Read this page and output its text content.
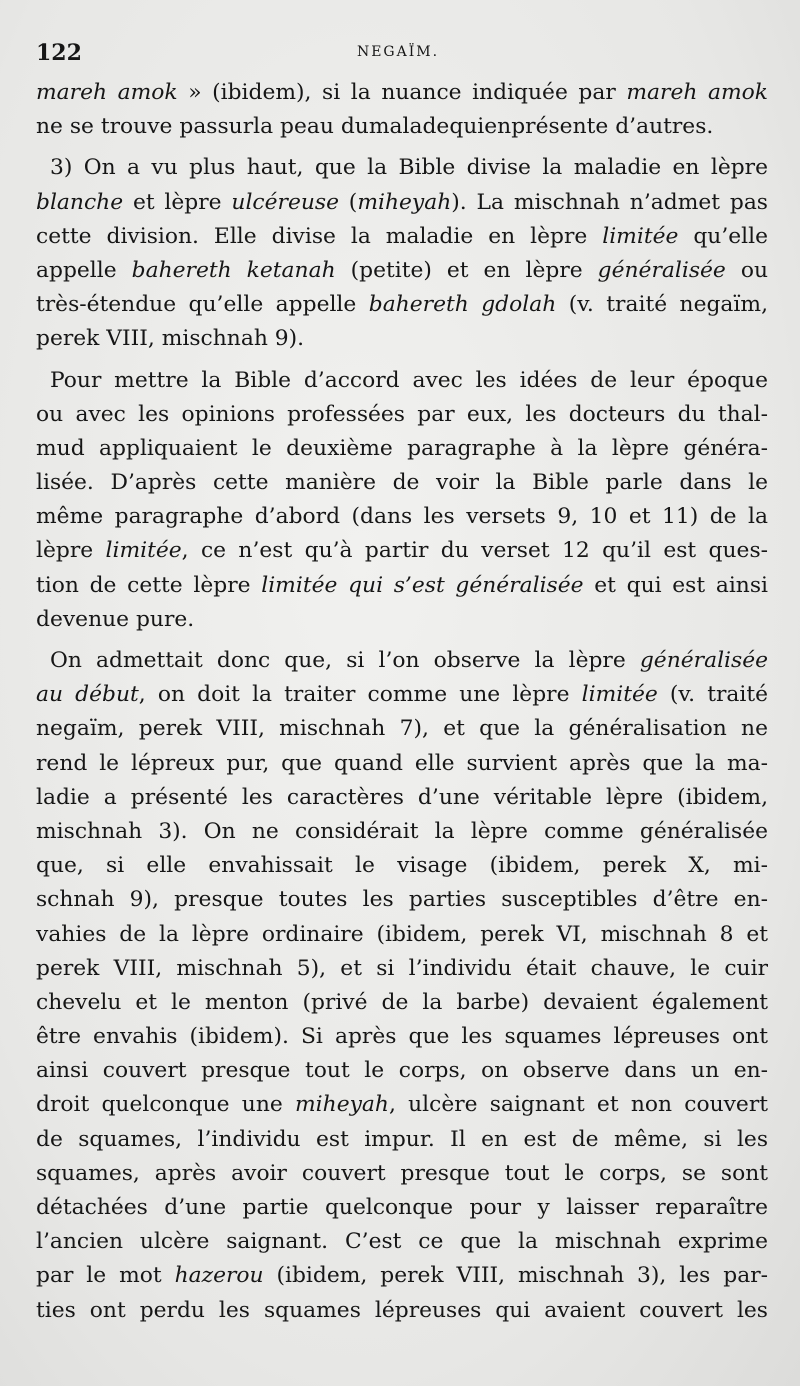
122	NEGAÏM.
mareh amok » (ibidem), si la nuance indiquée par mareh amok
ne se trouve passurla peau dumaladequienprésente d’autres.
3) On a vu plus haut, que la Bible divise la maladie en lèpre
blanche et lèpre ulcéreuse (miheyah). La mischnah n’admet pas
cette division. Elle divise la maladie en lèpre limitée qu’elle
appelle bahereth ketanah (petite) et en lèpre généralisée ou
très-étendue qu’elle appelle bahereth gdolah (v. traité negaïm,
perek VIII, mischnah 9).
Pour mettre la Bible d’accord avec les idées de leur époque
ou avec les opinions professées par eux, les docteurs du thal-
mud appliquaient le deuxième paragraphe à la lèpre généra-
lisée. D’après cette manière de voir la Bible parle dans le
même paragraphe d’abord (dans les versets 9, 10 et 11) de la
lèpre limitée, ce n’est qu’à partir du verset 12 qu’il est ques-
tion de cette lèpre limitée qui s’est généralisée et qui est ainsi
devenue pure.
On admettait donc que, si l’on observe la lèpre généralisée
au début, on doit la traiter comme une lèpre limitée (v. traité
negaïm, perek VIII, mischnah 7), et que la généralisation ne
rend le lépreux pur, que quand elle survient après que la ma-
ladie a présenté les caractères d’une véritable lèpre (ibidem,
mischnah 3). On ne considérait la lèpre comme généralisée
que, si elle envahissait le visage (ibidem, perek X, mi-
schnah 9), presque toutes les parties susceptibles d’être en-
vahies de la lèpre ordinaire (ibidem, perek VI, mischnah 8 et
perek VIII, mischnah 5), et si l’individu était chauve, le cuir
chevelu et le menton (privé de la barbe) devaient également
être envahis (ibidem). Si après que les squames lépreuses ont
ainsi couvert presque tout le corps, on observe dans un en-
droit quelconque une miheyah, ulcère saignant et non couvert
de squames, l’individu est impur. Il en est de même, si les
squames, après avoir couvert presque tout le corps, se sont
détachées d’une partie quelconque pour y laisser reparaître
l’ancien ulcère saignant. C’est ce que la mischnah exprime
par le mot hazerou (ibidem, perek VIII, mischnah 3), les par-
ties ont perdu les squames lépreuses qui avaient couvert les
